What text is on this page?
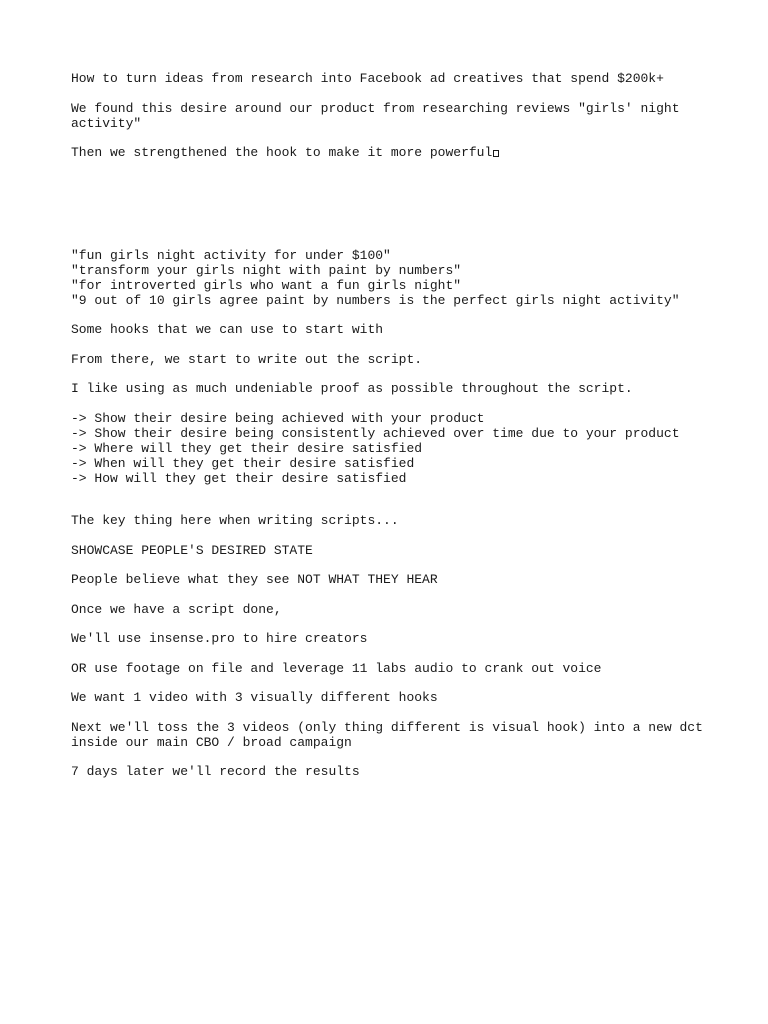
How to turn ideas from research into Facebook ad creatives that spend $200k+
We found this desire around our product from researching reviews "girls' night activity"
Then we strengthened the hook to make it more powerful
"fun girls night activity for under $100"
"transform your girls night with paint by numbers"
"for introverted girls who want a fun girls night"
"9 out of 10 girls agree paint by numbers is the perfect girls night activity"
Some hooks that we can use to start with
From there, we start to write out the script.
I like using as much undeniable proof as possible throughout the script.
-> Show their desire being achieved with your product
-> Show their desire being consistently achieved over time due to your product
-> Where will they get their desire satisfied
-> When will they get their desire satisfied
-> How will they get their desire satisfied
The key thing here when writing scripts...
SHOWCASE PEOPLE'S DESIRED STATE
People believe what they see NOT WHAT THEY HEAR
Once we have a script done,
We'll use insense.pro to hire creators
OR use footage on file and leverage 11 labs audio to crank out voice
We want 1 video with 3 visually different hooks
Next we'll toss the 3 videos (only thing different is visual hook) into a new dct inside our main CBO / broad campaign
7 days later we'll record the results
